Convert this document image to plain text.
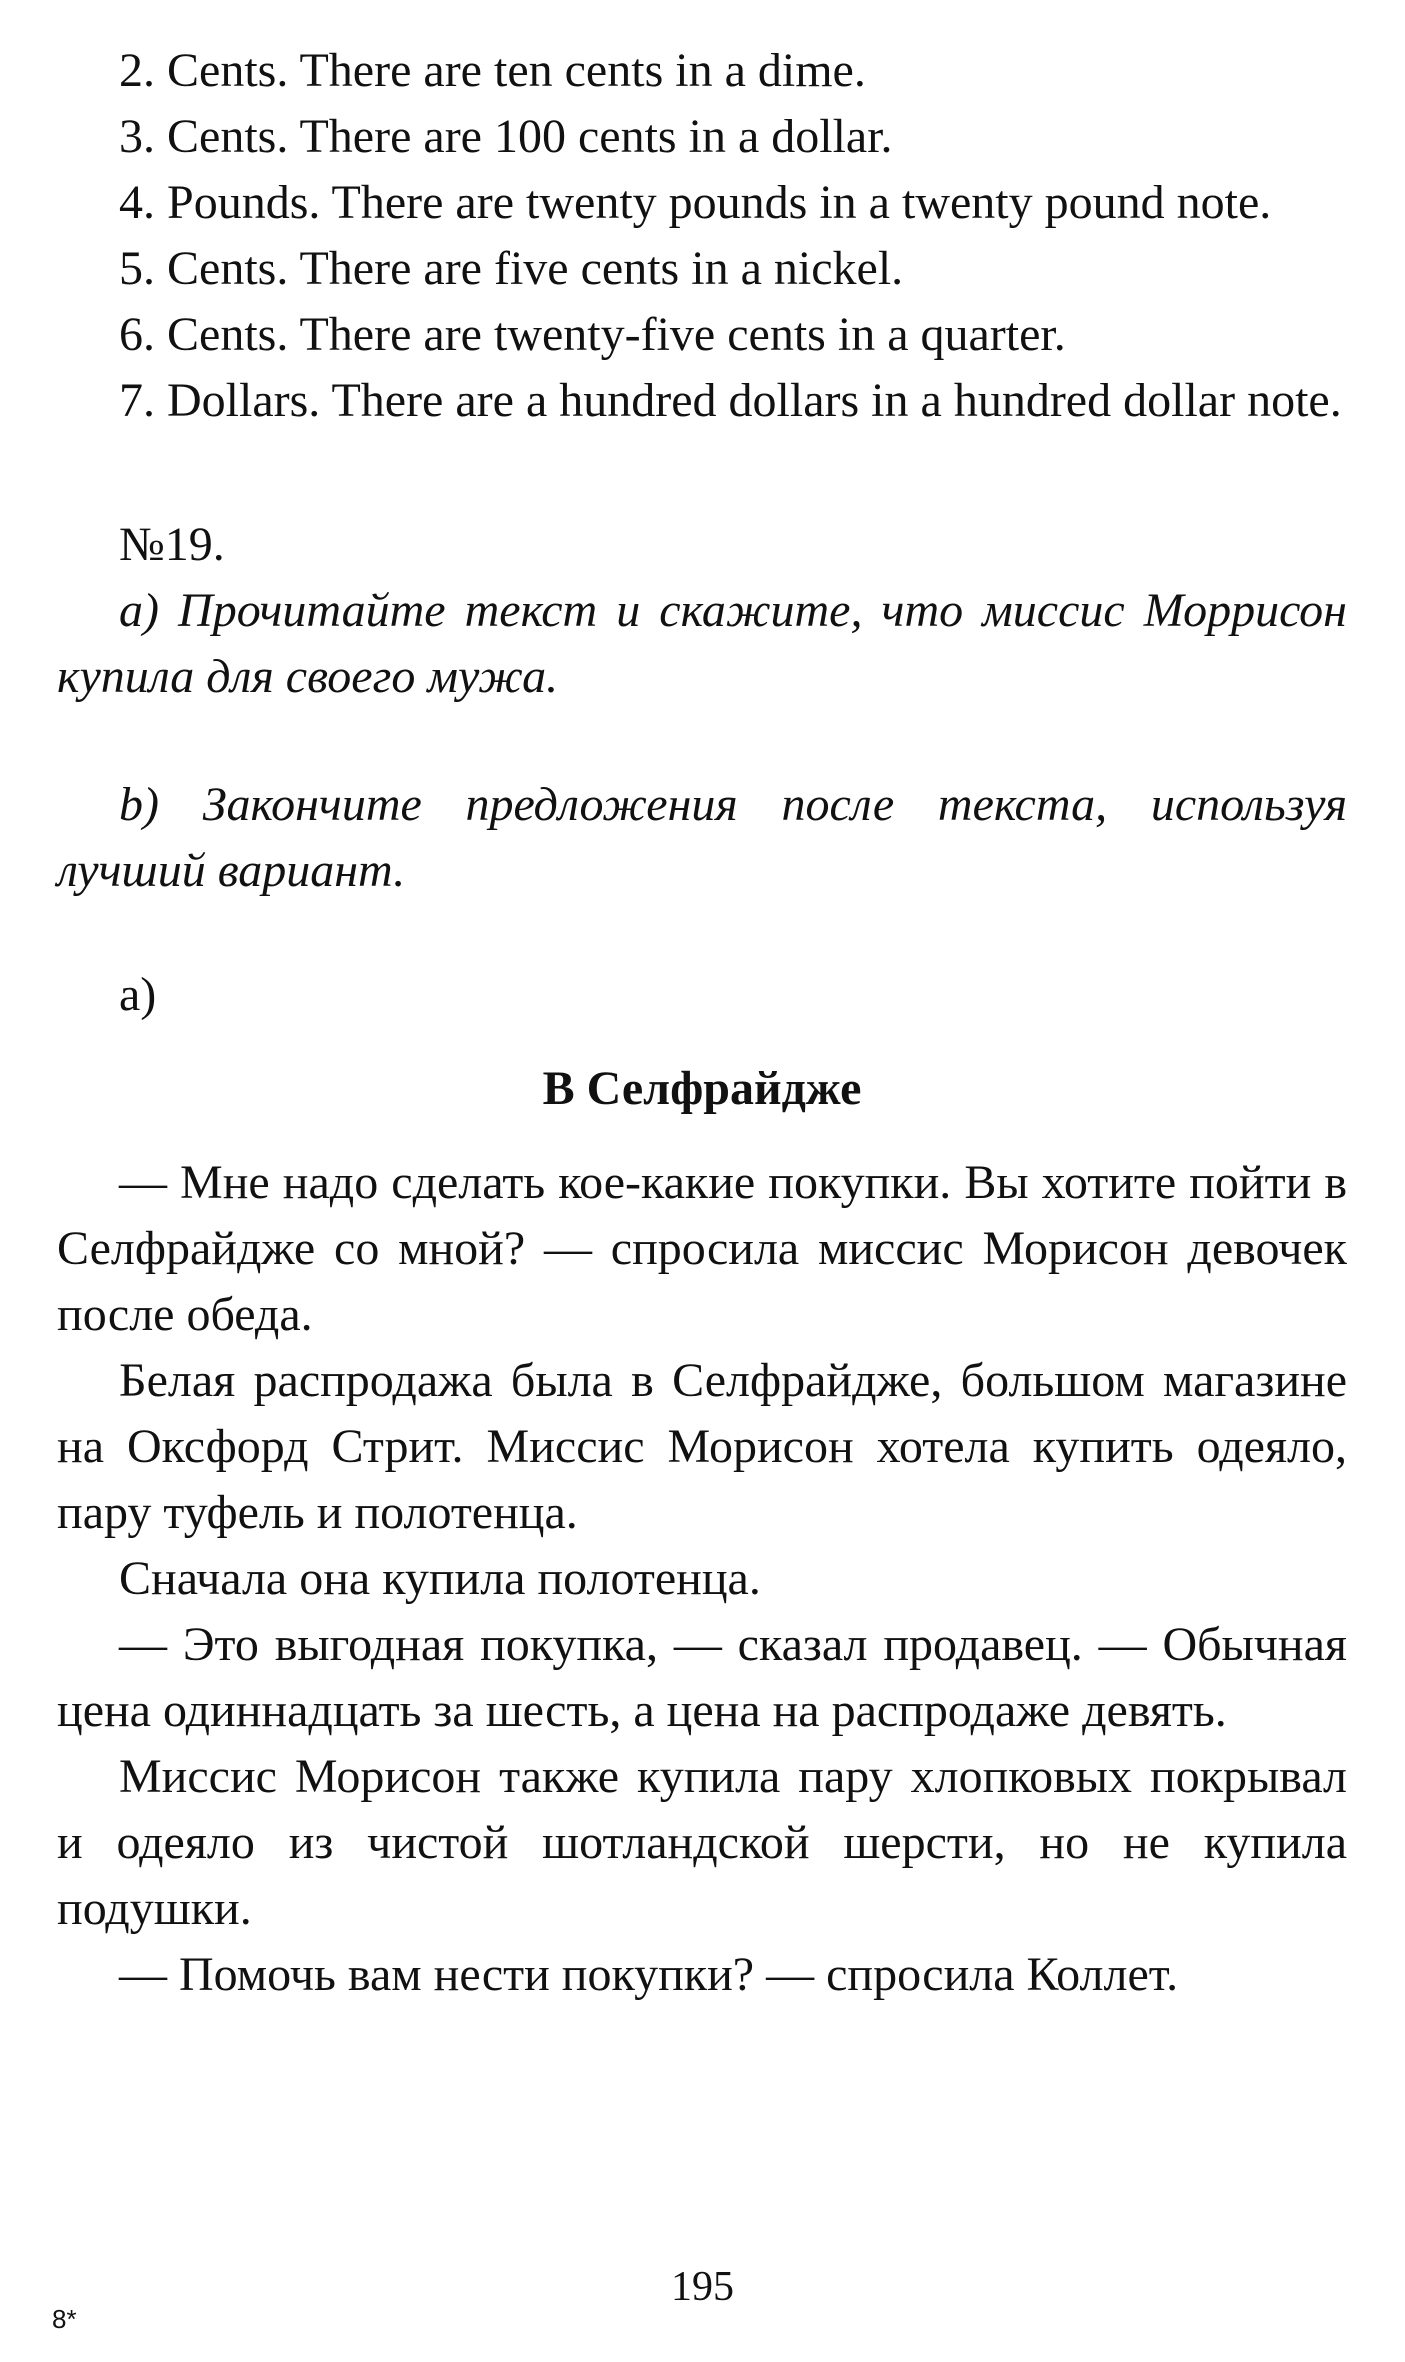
2. Cents. There are ten cents in a dime.

3. Cents. There are 100 cents in a dollar.

4. Pounds. There are twenty pounds in a twenty pound note.

5. Cents. There are five cents in a nickel.

6. Cents. There are twenty-five cents in a quarter.

7. Dollars. There are a hundred dollars in a hundred dollar note.

№19.

a) Прочитайте текст и скажите, что миссис Моррисон купила для своего мужа.

b) Закончите предложения после текста, используя лучший вариант.

a)

В Селфрайдже

— Мне надо сделать кое-какие покупки. Вы хотите пойти в Селфрайдже со мной? — спросила миссис Морисон девочек после обеда.

Белая распродажа была в Селфрайдже, большом магазине на Оксфорд Стрит. Миссис Морисон хотела купить одеяло, пару туфель и полотенца.

Сначала она купила полотенца.

— Это выгодная покупка, — сказал продавец. — Обычная цена одиннадцать за шесть, а цена на распродаже девять.

Миссис Морисон также купила пару хлопковых покрывал и одеяло из чистой шотландской шерсти, но не купила подушки.

— Помочь вам нести покупки? — спросила Коллет.

195
8*
